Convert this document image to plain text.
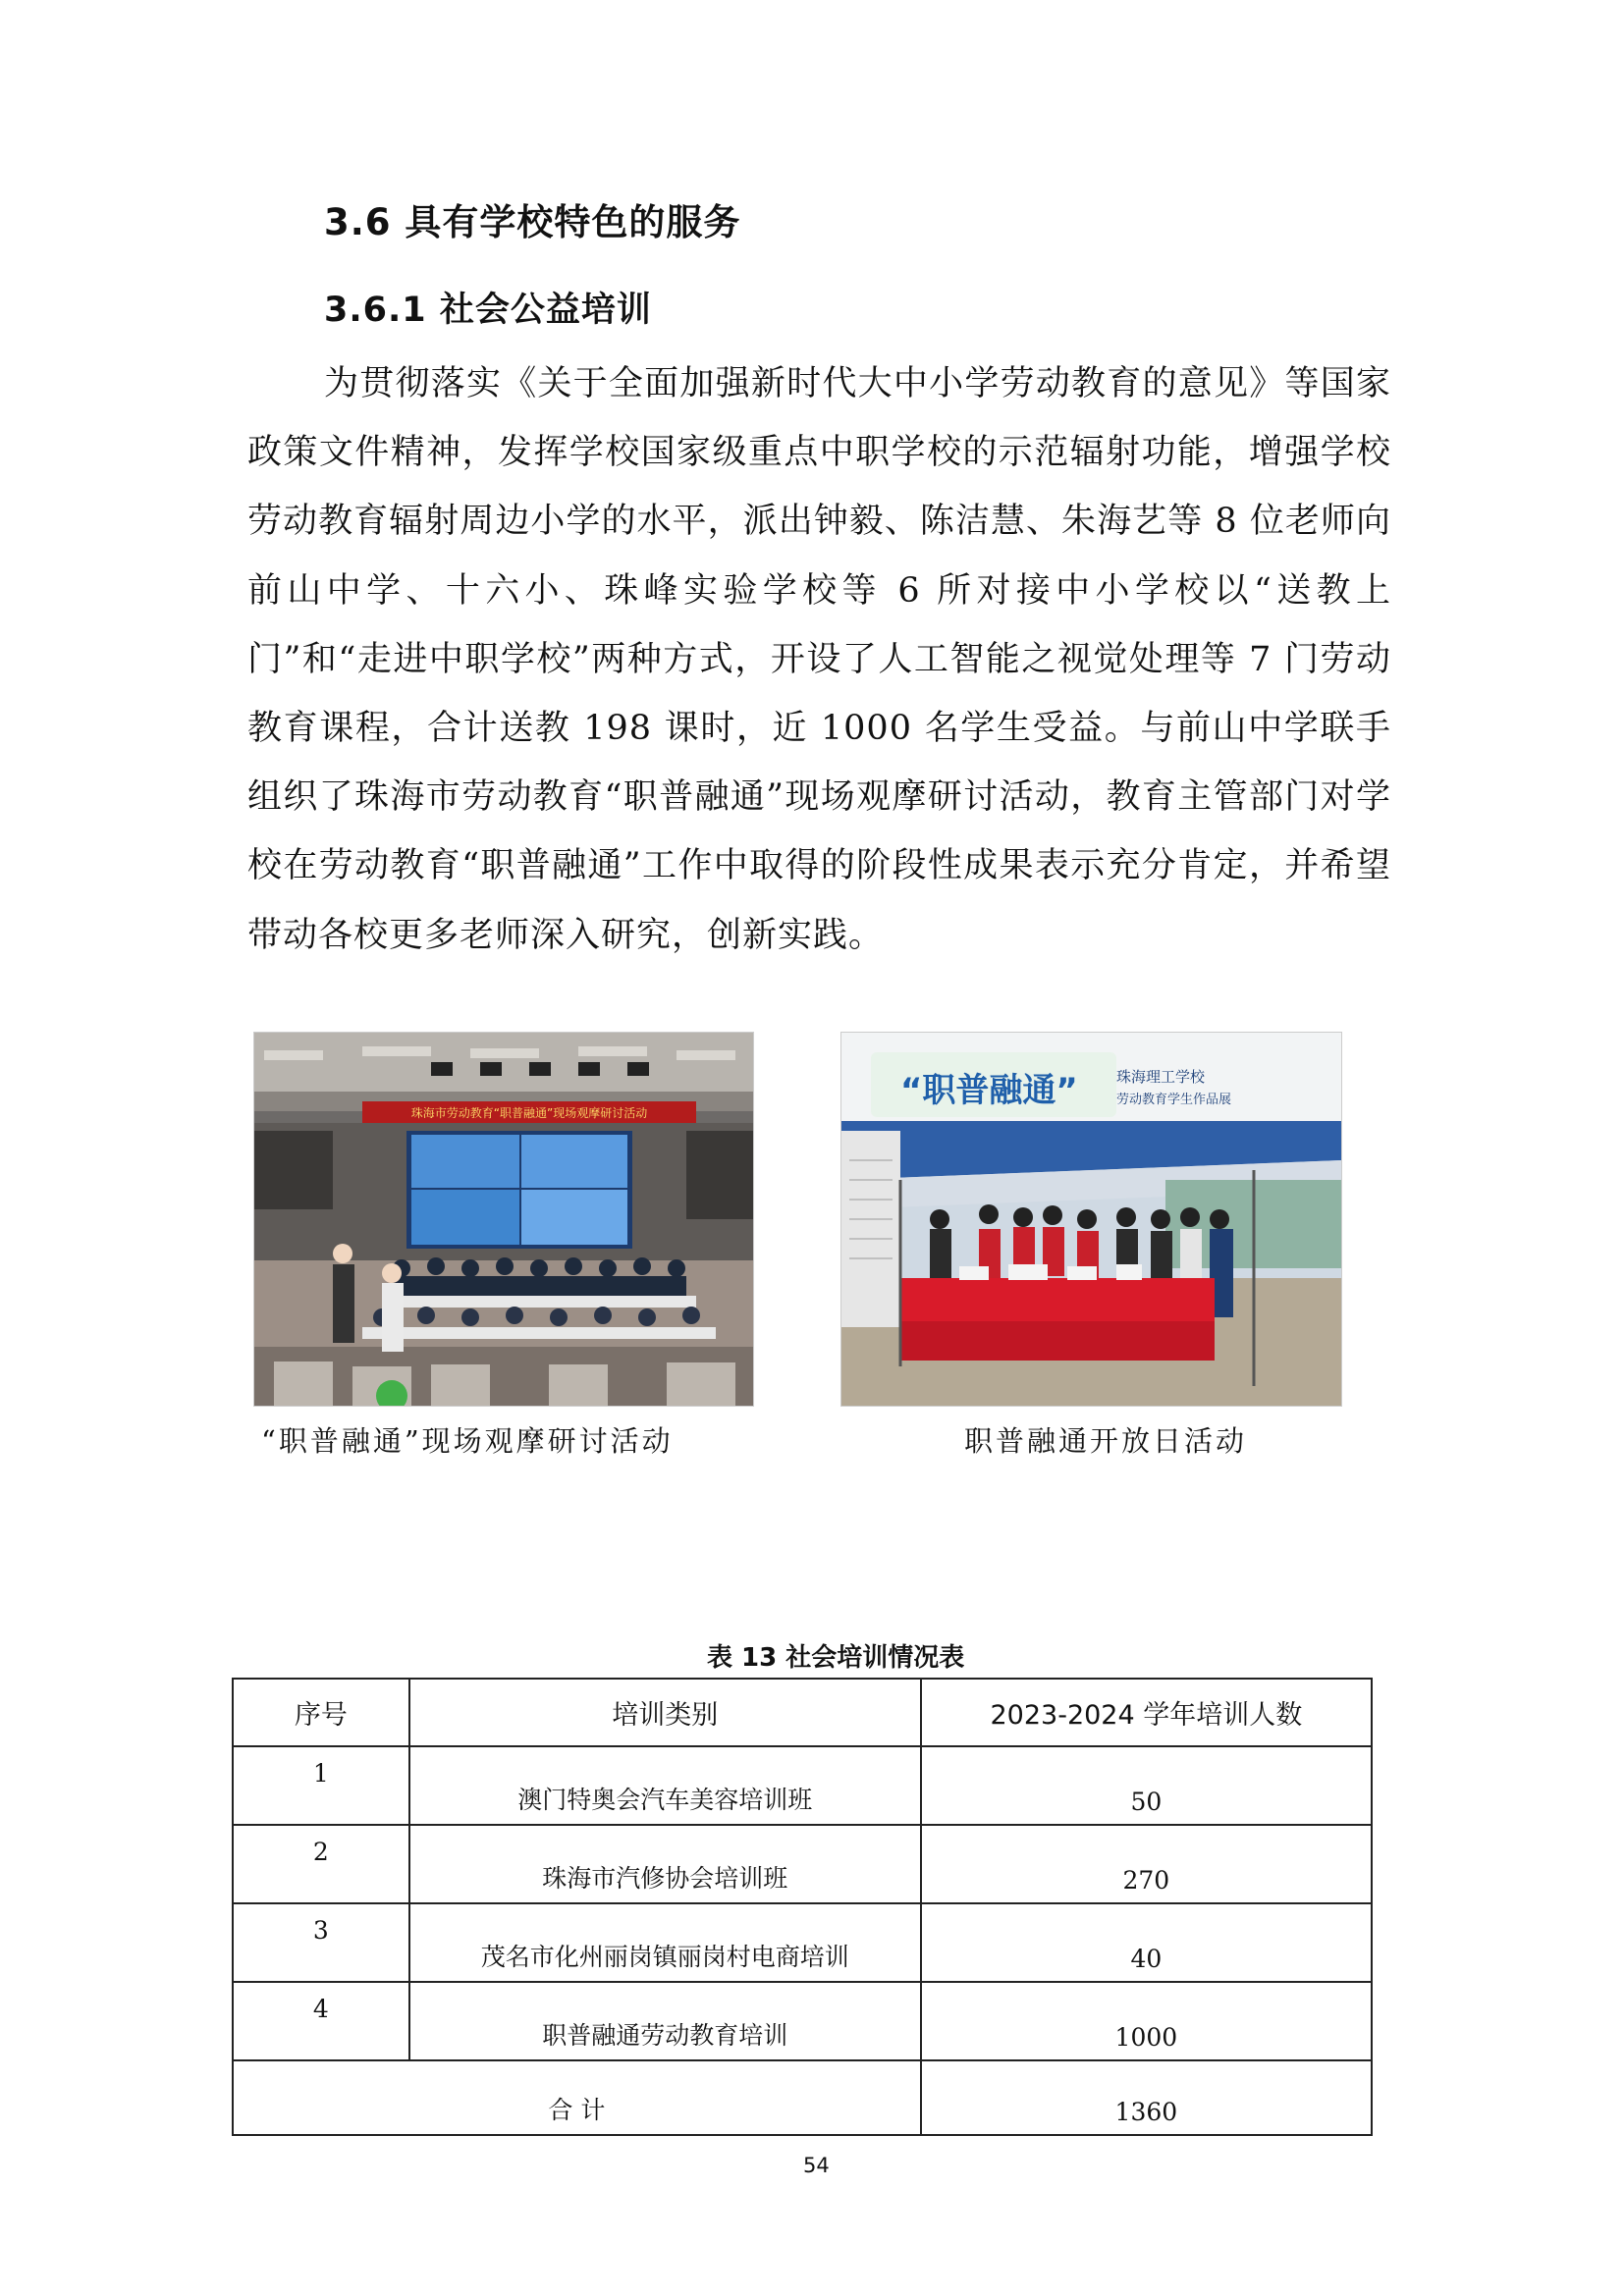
3.6 具有学校特色的服务
3.6.1 社会公益培训
为贯彻落实《关于全面加强新时代大中小学劳动教育的意见》等国家政策文件精神，发挥学校国家级重点中职学校的示范辐射功能，增强学校劳动教育辐射周边小学的水平，派出钟毅、陈洁慧、朱海艺等 8 位老师向前山中学、十六小、珠峰实验学校等 6 所对接中小学校以“送教上门”和“走进中职学校”两种方式，开设了人工智能之视觉处理等 7 门劳动教育课程，合计送教 198 课时，近 1000 名学生受益。与前山中学联手组织了珠海市劳动教育“职普融通”现场观摩研讨活动，教育主管部门对学校在劳动教育“职普融通”工作中取得的阶段性成果表示充分肯定，并希望带动各校更多老师深入研究，创新实践。
珠海市劳动教育“职普融通”现场观摩研讨活动
“职普融通”	珠海理工学校
劳动教育学生作品展
“职普融通”现场观摩研讨活动	职普融通开放日活动
表 13 社会培训情况表
序号	培训类别	2023-2024 学年培训人数
1	澳门特奥会汽车美容培训班	50
2	珠海市汽修协会培训班	270
3	茂名市化州丽岗镇丽岗村电商培训	40
4	职普融通劳动教育培训	1000
合 计		1360
54
